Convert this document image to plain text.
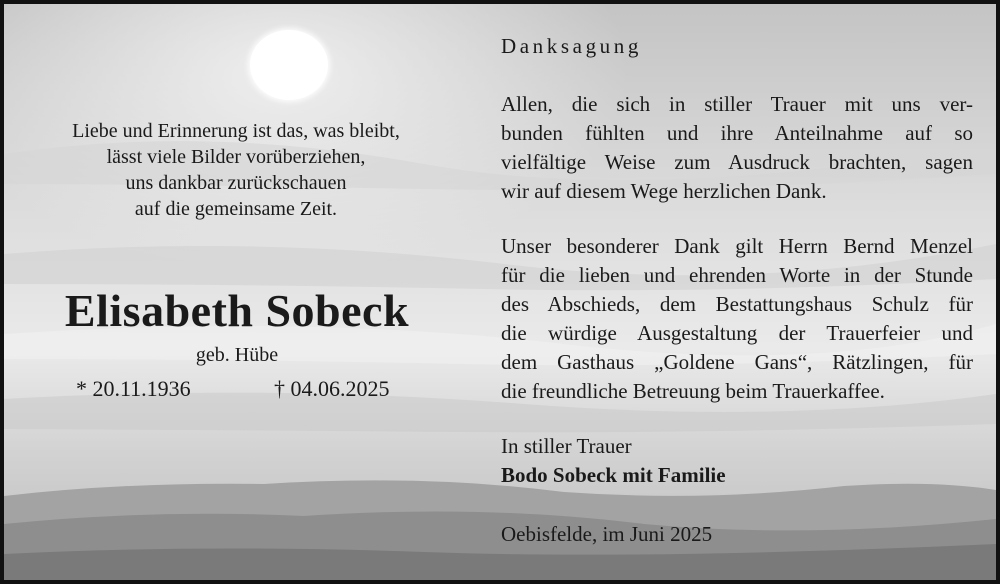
Liebe und Erinnerung ist das, was bleibt,
lässt viele Bilder vorüberziehen,
uns dankbar zurückschauen
auf die gemeinsame Zeit.
Elisabeth Sobeck
geb. Hübe
* 20.11.1936	† 04.06.2025
Danksagung
Allen, die sich in stiller Trauer mit uns ver-
bunden fühlten und ihre Anteilnahme auf so
vielfältige Weise zum Ausdruck brachten, sagen
wir auf diesem Wege herzlichen Dank.
Unser besonderer Dank gilt Herrn Bernd Menzel
für die lieben und ehrenden Worte in der Stunde
des Abschieds, dem Bestattungshaus Schulz für
die würdige Ausgestaltung der Trauerfeier und
dem Gasthaus „Goldene Gans“, Rätzlingen, für
die freundliche Betreuung beim Trauerkaffee.
In stiller Trauer
Bodo Sobeck mit Familie
Oebisfelde, im Juni 2025
